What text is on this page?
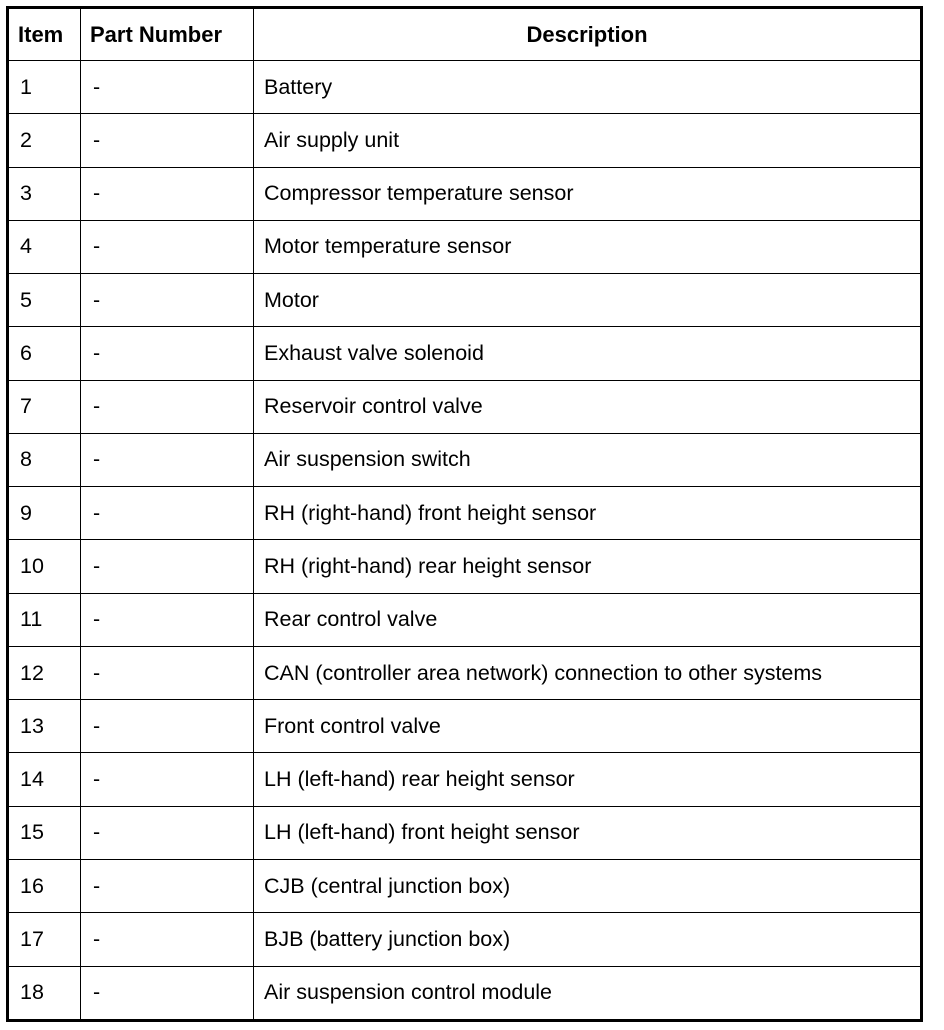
Item	Part Number	Description
1	-	Battery
2	-	Air supply unit
3	-	Compressor temperature sensor
4	-	Motor temperature sensor
5	-	Motor
6	-	Exhaust valve solenoid
7	-	Reservoir control valve
8	-	Air suspension switch
9	-	RH (right-hand) front height sensor
10	-	RH (right-hand) rear height sensor
11	-	Rear control valve
12	-	CAN (controller area network) connection to other systems
13	-	Front control valve
14	-	LH (left-hand) rear height sensor
15	-	LH (left-hand) front height sensor
16	-	CJB (central junction box)
17	-	BJB (battery junction box)
18	-	Air suspension control module
